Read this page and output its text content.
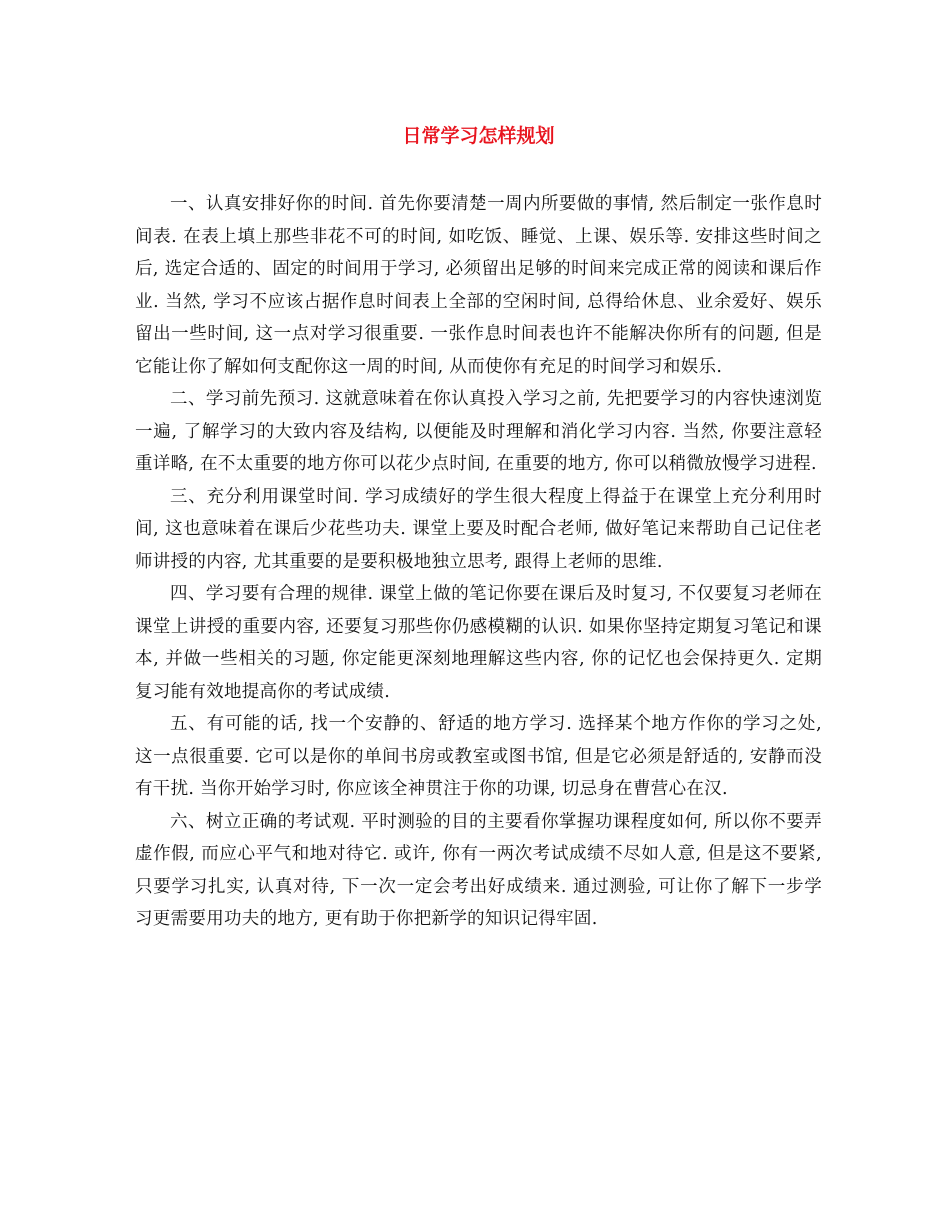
日常学习怎样规划

一、认真安排好你的时间. 首先你要清楚一周内所要做的事情, 然后制定一张作息时间表. 在表上填上那些非花不可的时间, 如吃饭、睡觉、上课、娱乐等. 安排这些时间之后, 选定合适的、固定的时间用于学习, 必须留出足够的时间来完成正常的阅读和课后作业. 当然, 学习不应该占据作息时间表上全部的空闲时间, 总得给休息、业余爱好、娱乐留出一些时间, 这一点对学习很重要. 一张作息时间表也许不能解决你所有的问题, 但是它能让你了解如何支配你这一周的时间, 从而使你有充足的时间学习和娱乐.

二、学习前先预习. 这就意味着在你认真投入学习之前, 先把要学习的内容快速浏览一遍, 了解学习的大致内容及结构, 以便能及时理解和消化学习内容. 当然, 你要注意轻重详略, 在不太重要的地方你可以花少点时间, 在重要的地方, 你可以稍微放慢学习进程.

三、充分利用课堂时间. 学习成绩好的学生很大程度上得益于在课堂上充分利用时间, 这也意味着在课后少花些功夫. 课堂上要及时配合老师, 做好笔记来帮助自己记住老师讲授的内容, 尤其重要的是要积极地独立思考, 跟得上老师的思维.

四、学习要有合理的规律. 课堂上做的笔记你要在课后及时复习, 不仅要复习老师在课堂上讲授的重要内容, 还要复习那些你仍感模糊的认识. 如果你坚持定期复习笔记和课本, 并做一些相关的习题, 你定能更深刻地理解这些内容, 你的记忆也会保持更久. 定期复习能有效地提高你的考试成绩.

五、有可能的话, 找一个安静的、舒适的地方学习. 选择某个地方作你的学习之处, 这一点很重要. 它可以是你的单间书房或教室或图书馆, 但是它必须是舒适的, 安静而没有干扰. 当你开始学习时, 你应该全神贯注于你的功课, 切忌身在曹营心在汉.

六、树立正确的考试观. 平时测验的目的主要看你掌握功课程度如何, 所以你不要弄虚作假, 而应心平气和地对待它. 或许, 你有一两次考试成绩不尽如人意, 但是这不要紧, 只要学习扎实, 认真对待, 下一次一定会考出好成绩来. 通过测验, 可让你了解下一步学习更需要用功夫的地方, 更有助于你把新学的知识记得牢固.
